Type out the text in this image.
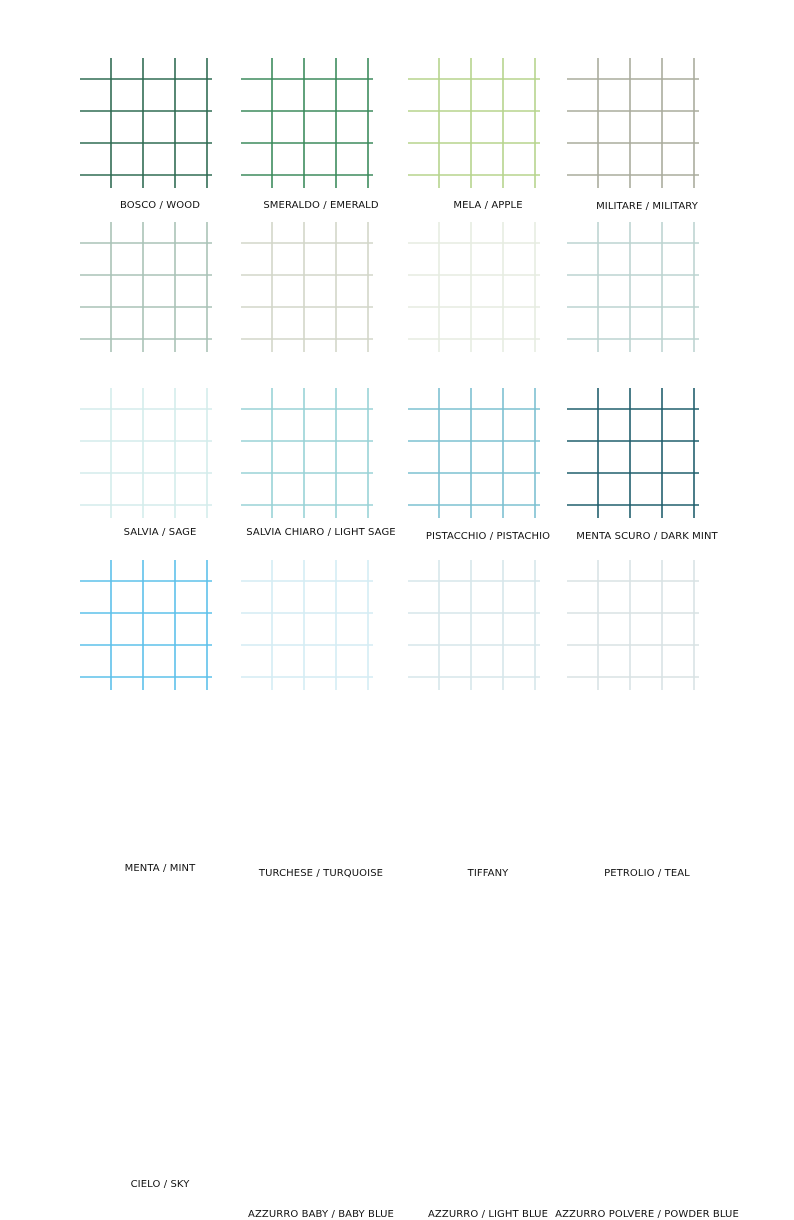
BOSCO / WOOD	SMERALDO / EMERALD	MELA / APPLE	MILITARE / MILITARY
SALVIA / SAGE	SALVIA CHIARO / LIGHT SAGE	PISTACCHIO / PISTACHIO	MENTA SCURO / DARK MINT
MENTA / MINT	TURCHESE / TURQUOISE	TIFFANY	PETROLIO / TEAL
CIELO / SKY
AZZURRO BABY / BABY BLUE	AZZURRO / LIGHT BLUE AZZURRO POLVERE / POWDER BLUE
